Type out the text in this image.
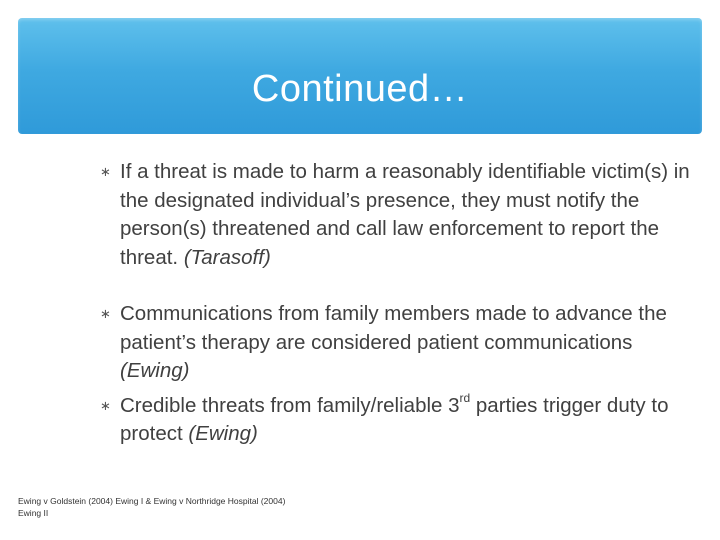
Continued…
∗ If a threat is made to harm a reasonably identifiable victim(s) in the designated individual’s presence, they must notify the person(s) threatened and call law enforcement to report the threat. (Tarasoff)
∗ Communications from family members made to advance the patient’s therapy are considered patient communications (Ewing)
∗ Credible threats from family/reliable 3rd parties trigger duty to protect (Ewing)
Ewing v Goldstein (2004) Ewing I & Ewing v Northridge Hospital (2004) Ewing II
